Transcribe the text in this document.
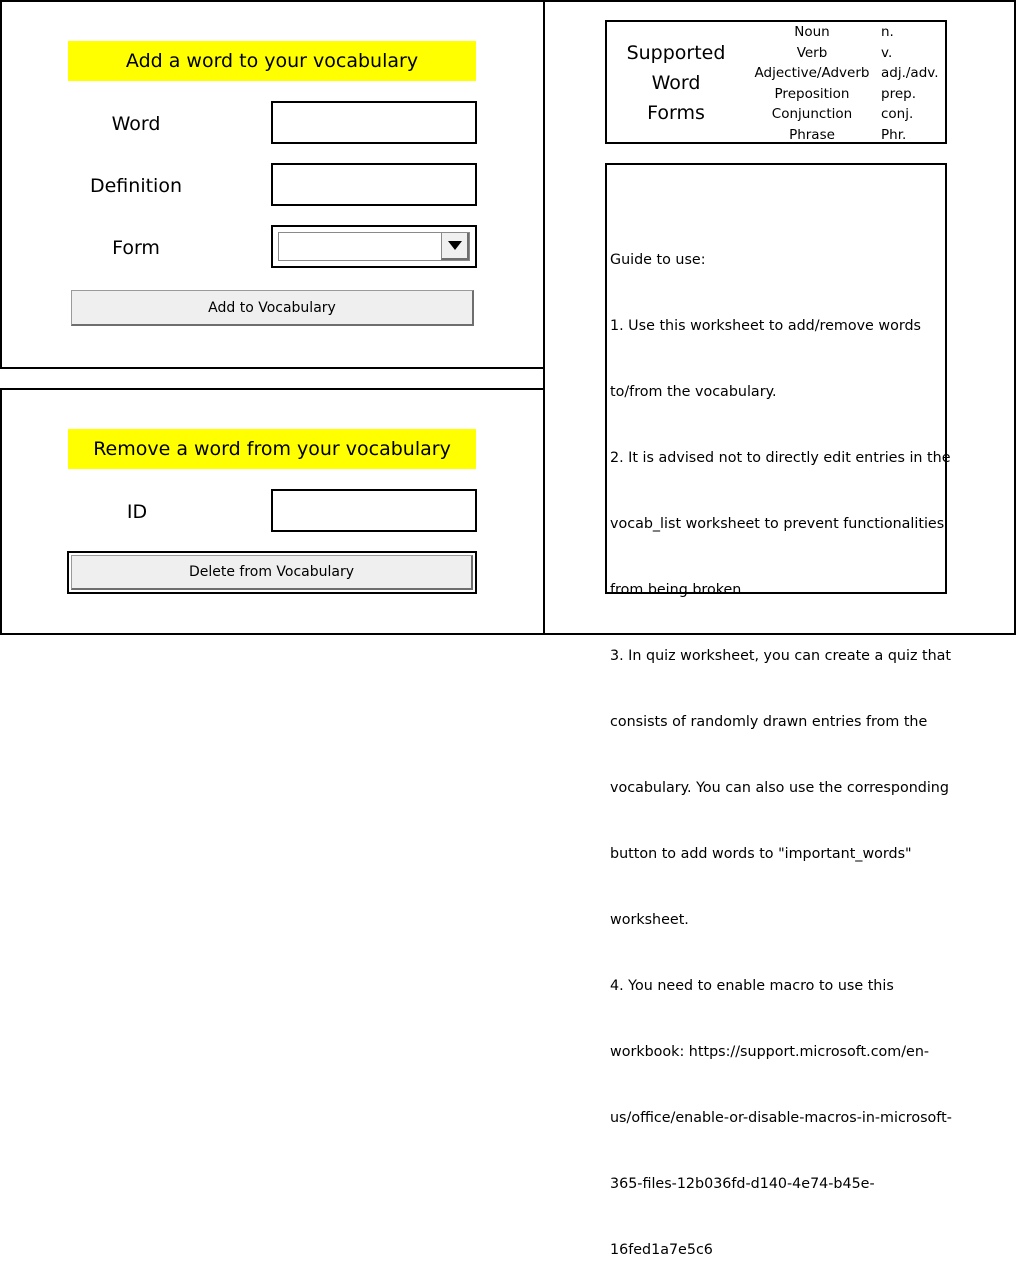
Add a word to your vocabulary
Word
Definition
Form
Add to Vocabulary
Remove a word from your vocabulary
ID
Delete from Vocabulary
Supported
Word
Forms
Noun
Verb
Adjective/Adverb
Preposition
Conjunction
Phrase
n.
v.
adj./adv.
prep.
conj.
Phr.

Guide to use:

1. Use this worksheet to add/remove words

to/from the vocabulary.

2. It is advised not to directly edit entries in the

vocab_list worksheet to prevent functionalities

from being broken.

3. In quiz worksheet, you can create a quiz that

consists of randomly drawn entries from the

vocabulary. You can also use the corresponding

button to add words to "important_words"

worksheet.

4. You need to enable macro to use this

workbook: https://support.microsoft.com/en-

us/office/enable-or-disable-macros-in-microsoft-

365-files-12b036fd-d140-4e74-b45e-

16fed1a7e5c6
